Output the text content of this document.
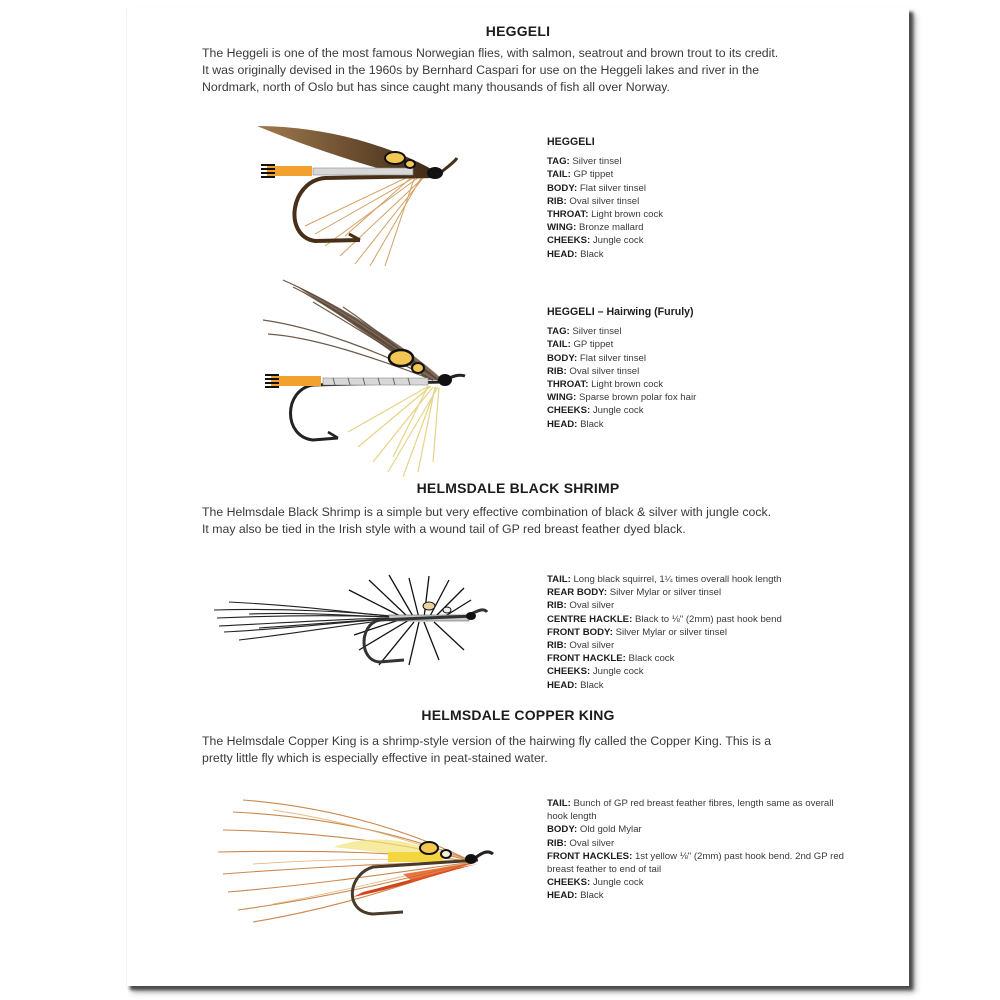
HEGGELI
The Heggeli is one of the most famous Norwegian flies, with salmon, seatrout and brown trout to its credit.
It was originally devised in the 1960s by Bernhard Caspari for use on the Heggeli lakes and river in the
Nordmark, north of Oslo but has since caught many thousands of fish all over Norway.
HEGGELI
TAG: Silver tinsel
TAIL: GP tippet
BODY: Flat silver tinsel
RIB: Oval silver tinsel
THROAT: Light brown cock
WING: Bronze mallard
CHEEKS: Jungle cock
HEAD: Black
HEGGELI – Hairwing (Furuly)
TAG: Silver tinsel
TAIL: GP tippet
BODY: Flat silver tinsel
RIB: Oval silver tinsel
THROAT: Light brown cock
WING: Sparse brown polar fox hair
CHEEKS: Jungle cock
HEAD: Black
HELMSDALE BLACK SHRIMP
The Helmsdale Black Shrimp is a simple but very effective combination of black & silver with jungle cock.
It may also be tied in the Irish style with a wound tail of GP red breast feather dyed black.
TAIL: Long black squirrel, 1¼ times overall hook length
REAR BODY: Silver Mylar or silver tinsel
RIB: Oval silver
CENTRE HACKLE: Black to ⅛" (2mm) past hook bend
FRONT BODY: Silver Mylar or silver tinsel
RIB: Oval silver
FRONT HACKLE: Black cock
CHEEKS: Jungle cock
HEAD: Black
HELMSDALE COPPER KING
The Helmsdale Copper King is a shrimp-style version of the hairwing fly called the Copper King. This is a
pretty little fly which is especially effective in peat-stained water.
TAIL: Bunch of GP red breast feather fibres, length same as overall hook length
BODY: Old gold Mylar
RIB: Oval silver
FRONT HACKLES: 1st yellow ⅛" (2mm) past hook bend. 2nd GP red breast feather to end of tail
CHEEKS: Jungle cock
HEAD: Black
